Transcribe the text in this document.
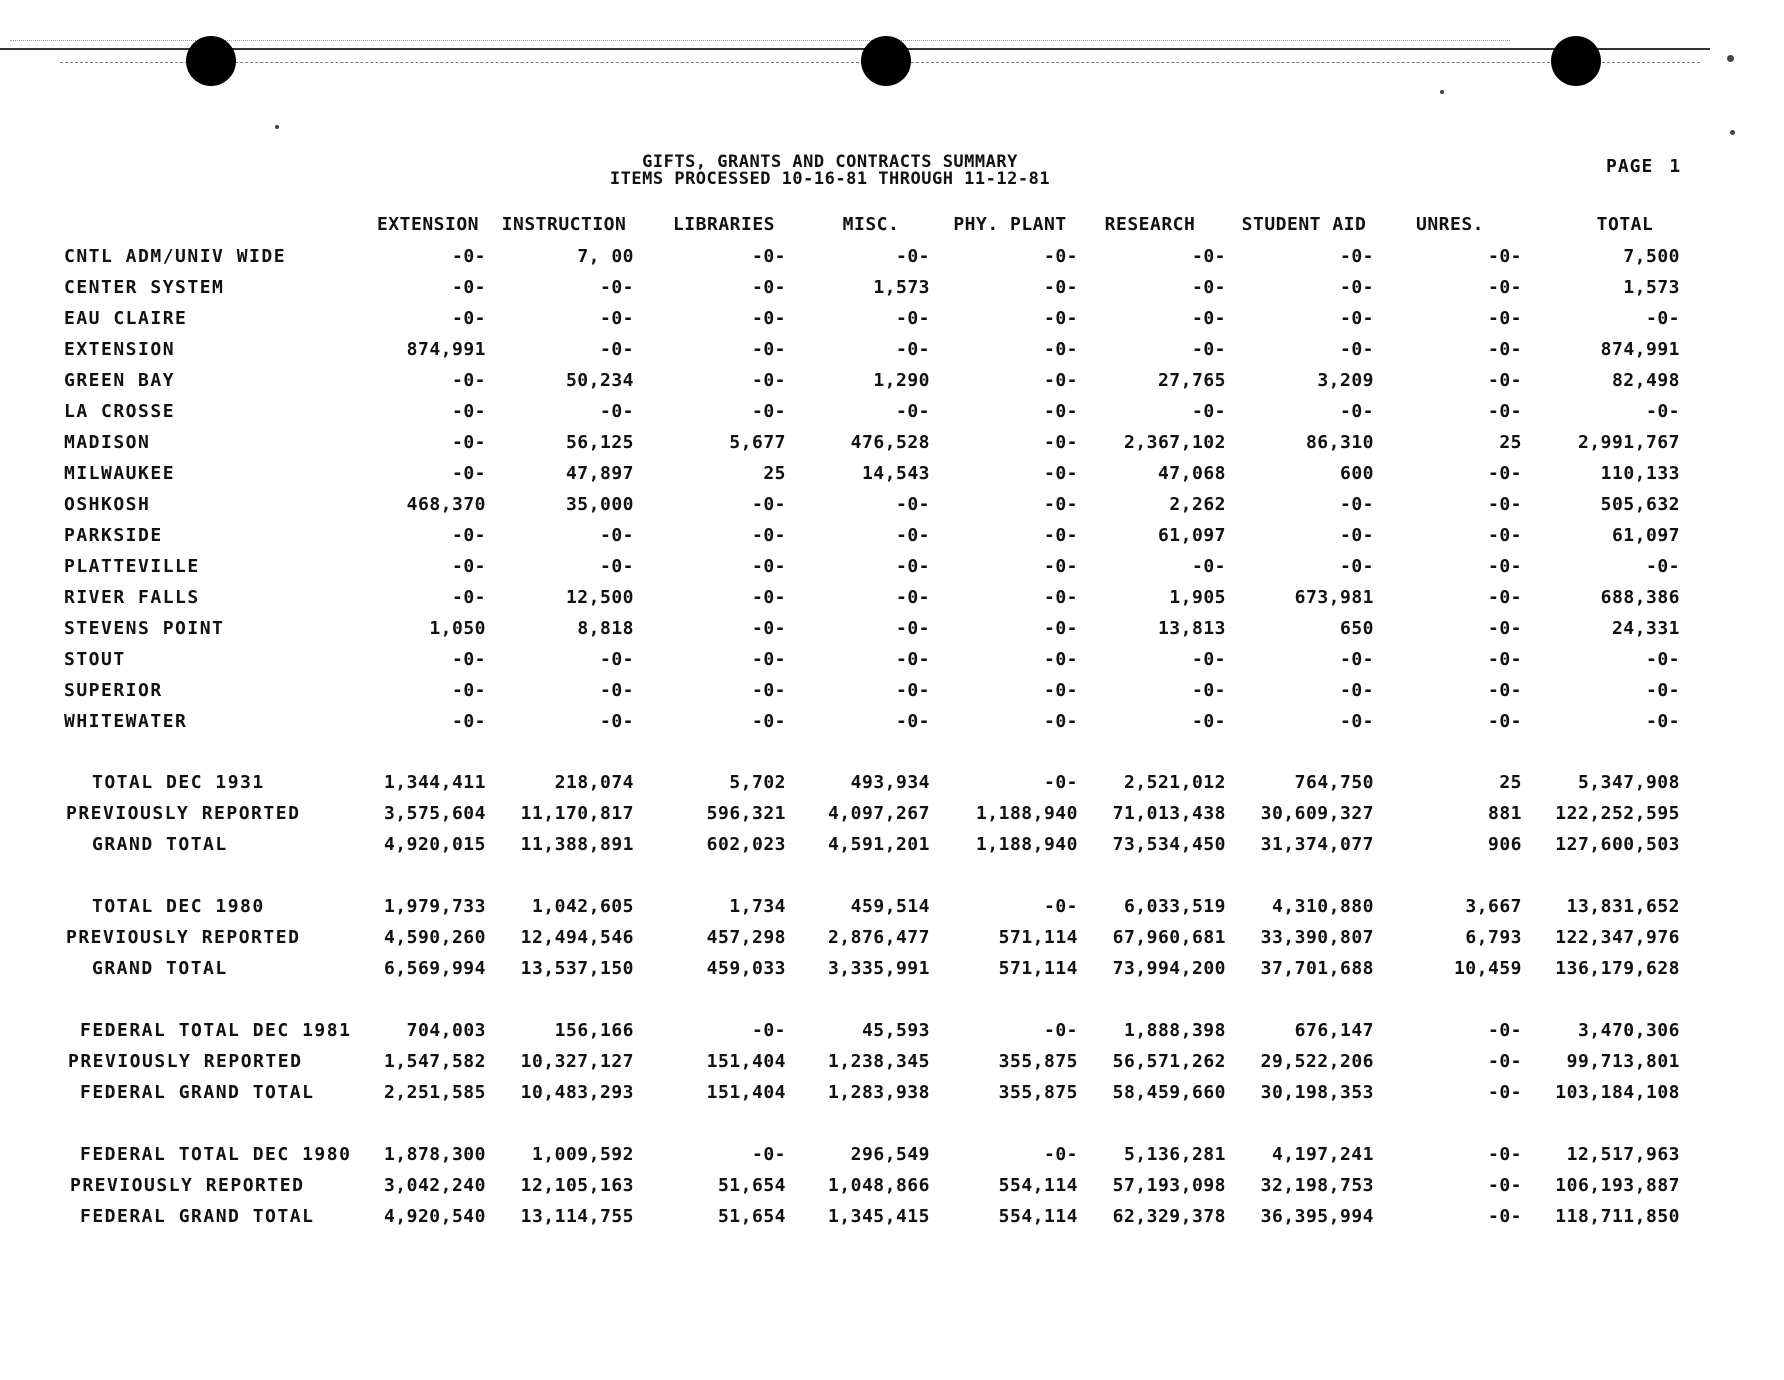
GIFTS, GRANTS AND CONTRACTS SUMMARY
ITEMS PROCESSED 10-16-81 THROUGH 11-12-81
PAGE 1
EXTENSION	INSTRUCTION	LIBRARIES	MISC.	PHY. PLANT	RESEARCH	STUDENT AID	UNRES.	TOTAL
CNTL ADM/UNIV WIDE	-0-	7, 00	-0-	-0-	-0-	-0-	-0-	-0-	7,500
CENTER SYSTEM	-0-	-0-	-0-	1,573	-0-	-0-	-0-	-0-	1,573
EAU CLAIRE	-0-	-0-	-0-	-0-	-0-	-0-	-0-	-0-	-0-
EXTENSION	874,991	-0-	-0-	-0-	-0-	-0-	-0-	-0-	874,991
GREEN BAY	-0-	50,234	-0-	1,290	-0-	27,765	3,209	-0-	82,498
LA CROSSE	-0-	-0-	-0-	-0-	-0-	-0-	-0-	-0-	-0-
MADISON	-0-	56,125	5,677	476,528	-0-	2,367,102	86,310	25	2,991,767
MILWAUKEE	-0-	47,897	25	14,543	-0-	47,068	600	-0-	110,133
OSHKOSH	468,370	35,000	-0-	-0-	-0-	2,262	-0-	-0-	505,632
PARKSIDE	-0-	-0-	-0-	-0-	-0-	61,097	-0-	-0-	61,097
PLATTEVILLE	-0-	-0-	-0-	-0-	-0-	-0-	-0-	-0-	-0-
RIVER FALLS	-0-	12,500	-0-	-0-	-0-	1,905	673,981	-0-	688,386
STEVENS POINT	1,050	8,818	-0-	-0-	-0-	13,813	650	-0-	24,331
STOUT	-0-	-0-	-0-	-0-	-0-	-0-	-0-	-0-	-0-
SUPERIOR	-0-	-0-	-0-	-0-	-0-	-0-	-0-	-0-	-0-
WHITEWATER	-0-	-0-	-0-	-0-	-0-	-0-	-0-	-0-	-0-
TOTAL DEC 1931	1,344,411	218,074	5,702	493,934	-0-	2,521,012	764,750	25	5,347,908
PREVIOUSLY REPORTED	3,575,604	11,170,817	596,321	4,097,267	1,188,940	71,013,438	30,609,327	881	122,252,595
GRAND TOTAL	4,920,015	11,388,891	602,023	4,591,201	1,188,940	73,534,450	31,374,077	906	127,600,503
TOTAL DEC 1980	1,979,733	1,042,605	1,734	459,514	-0-	6,033,519	4,310,880	3,667	13,831,652
PREVIOUSLY REPORTED	4,590,260	12,494,546	457,298	2,876,477	571,114	67,960,681	33,390,807	6,793	122,347,976
GRAND TOTAL	6,569,994	13,537,150	459,033	3,335,991	571,114	73,994,200	37,701,688	10,459	136,179,628
FEDERAL TOTAL DEC 1981	704,003	156,166	-0-	45,593	-0-	1,888,398	676,147	-0-	3,470,306
PREVIOUSLY REPORTED	1,547,582	10,327,127	151,404	1,238,345	355,875	56,571,262	29,522,206	-0-	99,713,801
FEDERAL GRAND TOTAL	2,251,585	10,483,293	151,404	1,283,938	355,875	58,459,660	30,198,353	-0-	103,184,108
FEDERAL TOTAL DEC 1980	1,878,300	1,009,592	-0-	296,549	-0-	5,136,281	4,197,241	-0-	12,517,963
PREVIOUSLY REPORTED	3,042,240	12,105,163	51,654	1,048,866	554,114	57,193,098	32,198,753	-0-	106,193,887
FEDERAL GRAND TOTAL	4,920,540	13,114,755	51,654	1,345,415	554,114	62,329,378	36,395,994	-0-	118,711,850
